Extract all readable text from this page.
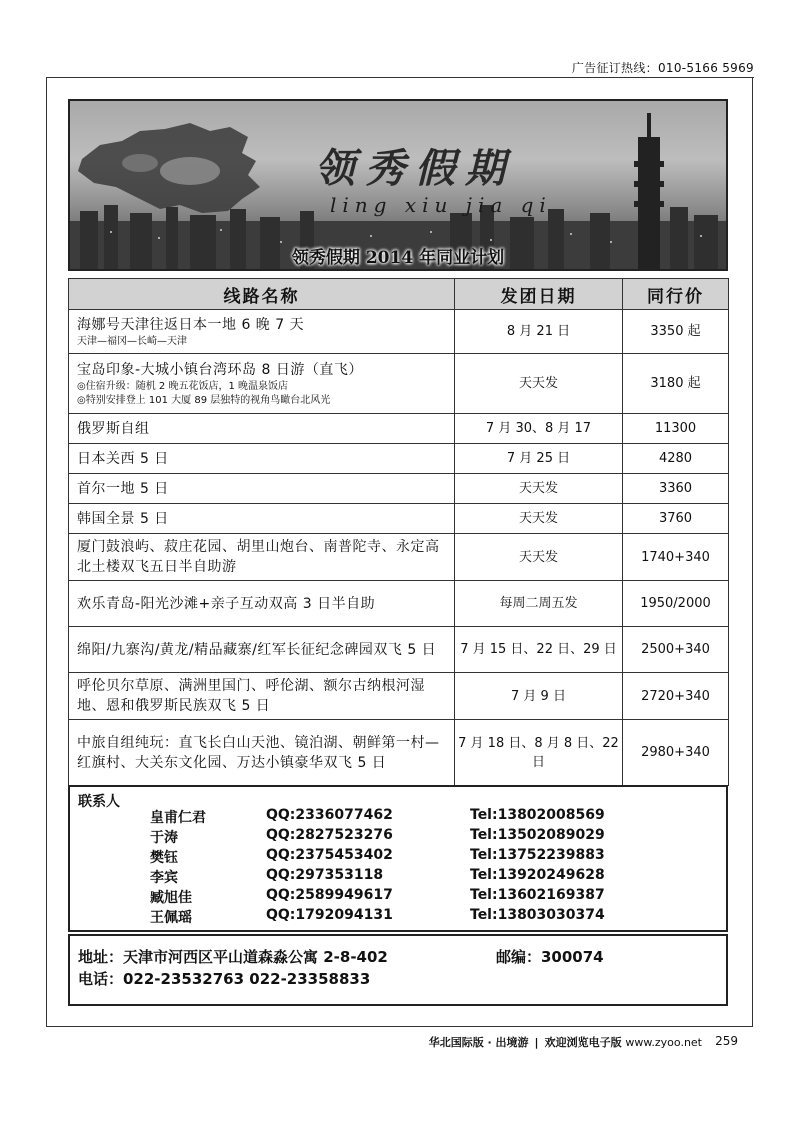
广告征订热线：010-5166 5969
领秀假期
ling xiu jia qi
领秀假期 2014 年同业计划
线路名称	发团日期	同行价
海娜号天津往返日本一地 6 晚 7 天
天津—福冈—长崎—天津	8 月 21 日	3350 起
宝岛印象-大城小镇台湾环岛 8 日游（直飞）
◎住宿升级：随机 2 晚五花饭店，1 晚温泉饭店
◎特别安排登上 101 大厦 89 层独特的视角鸟瞰台北风光	天天发	3180 起
俄罗斯自组	7 月 30、8 月 17	11300
日本关西 5 日	7 月 25 日	4280
首尔一地 5 日	天天发	3360
韩国全景 5 日	天天发	3760
厦门鼓浪屿、菽庄花园、胡里山炮台、南普陀寺、永定高北土楼双飞五日半自助游	天天发	1740+340
欢乐青岛-阳光沙滩+亲子互动双高 3 日半自助	每周二周五发	1950/2000
绵阳/九寨沟/黄龙/精品藏寨/红军长征纪念碑园双飞 5 日	7 月 15 日、22 日、29 日	2500+340
呼伦贝尔草原、满洲里国门、呼伦湖、额尔古纳根河湿地、恩和俄罗斯民族双飞 5 日	7 月 9 日	2720+340
中旅自组纯玩：直飞长白山天池、镜泊湖、朝鲜第一村—红旗村、大关东文化园、万达小镇豪华双飞 5 日	7 月 18 日、8 月 8 日、22 日	2980+340
联系人
皇甫仁君	QQ:2336077462	Tel:13802008569
于涛	QQ:2827523276	Tel:13502089029
樊钰	QQ:2375453402	Tel:13752239883
李宾	QQ:297353118	Tel:13920249628
臧旭佳	QQ:2589949617	Tel:13602169387
王佩瑶	QQ:1792094131	Tel:13803030374
地址：天津市河西区平山道森淼公寓 2-8-402	邮编：300074
电话：022-23532763 022-23358833
华北国际版 · 出境游 | 欢迎浏览电子版 www.zyoo.net 259
